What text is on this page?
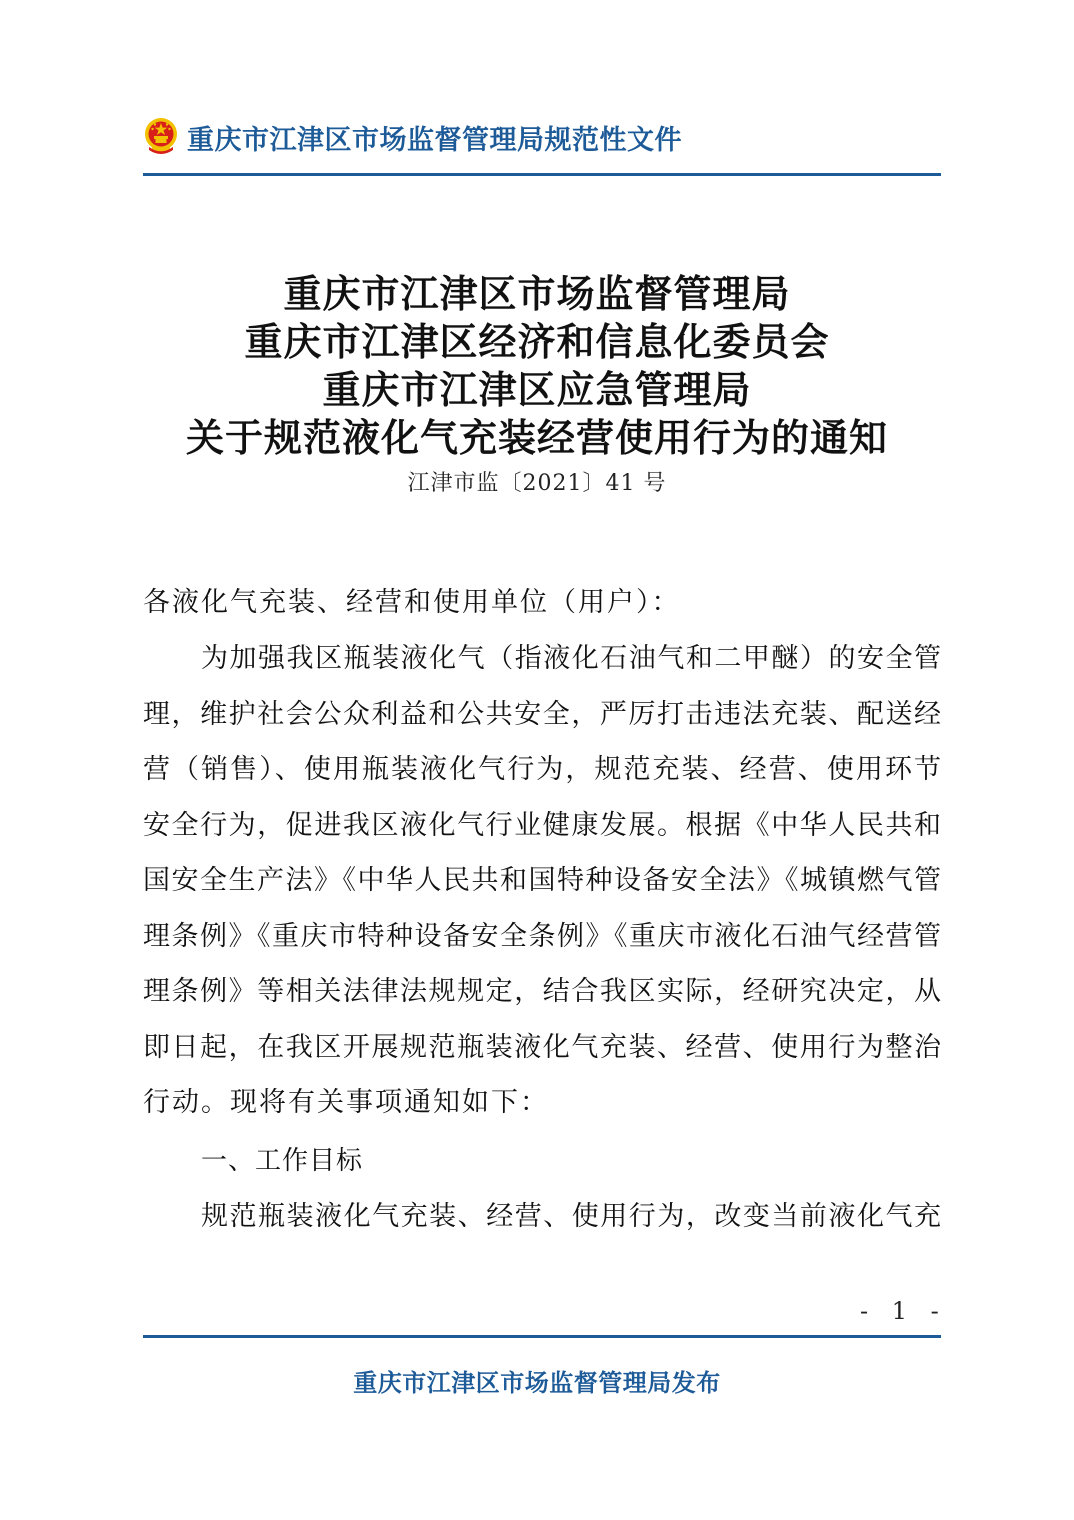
重庆市江津区市场监督管理局规范性文件
重庆市江津区市场监督管理局
重庆市江津区经济和信息化委员会
重庆市江津区应急管理局
关于规范液化气充装经营使用行为的通知
江津市监〔2021〕41 号
各液化气充装、经营和使用单位（用户）：

为加强我区瓶装液化气（指液化石油气和二甲醚）的安全管

理，维护社会公众利益和公共安全，严厉打击违法充装、配送经

营（销售）、使用瓶装液化气行为，规范充装、经营、使用环节

安全行为，促进我区液化气行业健康发展。根据《中华人民共和

国安全生产法》《中华人民共和国特种设备安全法》《城镇燃气管

理条例》《重庆市特种设备安全条例》《重庆市液化石油气经营管

理条例》等相关法律法规规定，结合我区实际，经研究决定，从

即日起，在我区开展规范瓶装液化气充装、经营、使用行为整治

行动。现将有关事项通知如下：

一、工作目标

规范瓶装液化气充装、经营、使用行为，改变当前液化气充

- 1 -
重庆市江津区市场监督管理局发布
